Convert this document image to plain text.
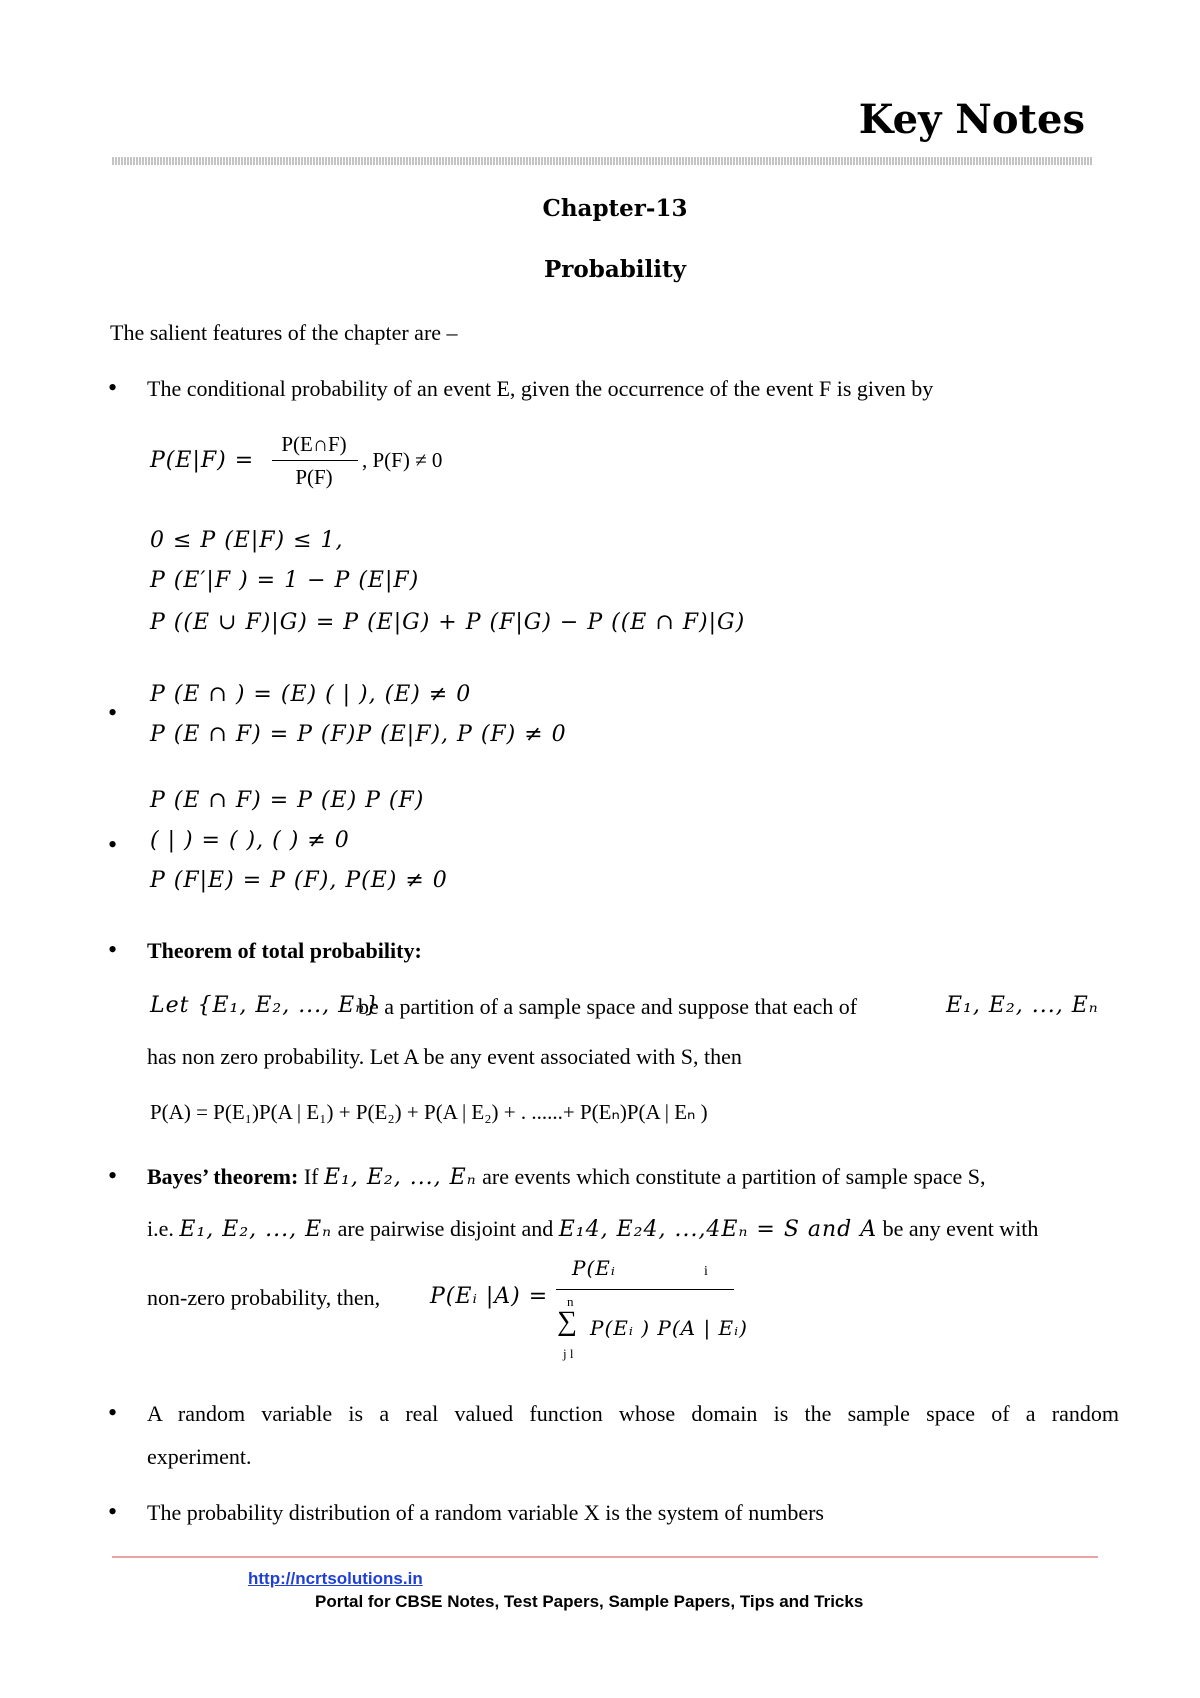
Key Notes
Chapter-13
Probability
The salient features of the chapter are –
• The conditional probability of an event E, given the occurrence of the event F is given by
P(E|F) =
P(E∩F)
P(F)
, P(F) ≠ 0
0 ≤ P (E|F) ≤ 1,
P (E′|F ) = 1 − P (E|F)
P ((E ∪ F)|G) = P (E|G) + P (F|G) − P ((E ∩ F)|G)
•
P (E ∩ ) = (E) ( | ), (E) ≠ 0
P (E ∩ F) = P (F)P (E|F), P (F) ≠ 0
P (E ∩ F) = P (E) P (F)
• ( | ) = ( ), ( ) ≠ 0
P (F|E) = P (F), P(E) ≠ 0
• Theorem of total probability:
Let {E₁, E₂, ..., Eₙ}
be a partition of a sample space and suppose that each of	E₁, E₂, ..., Eₙ
has non zero probability. Let A be any event associated with S, then
P(A) = P(E₁)P(A | E₁) + P(E₂) + P(A | E₂) + . ......+ P(Eₙ)P(A | Eₙ )
• Bayes’ theorem: If E₁, E₂, ..., Eₙ are events which constitute a partition of sample space S,
i.e. E₁, E₂, ..., Eₙ are pairwise disjoint and E₁4, E₂4, ...,4Eₙ = S and A be any event with
non-zero probability, then, P(Eᵢ |A) =
P(Eᵢ	i
n
∑
j l
P(Eᵢ ) P(A | Eᵢ)
• A random variable is a real valued function whose domain is the sample space of a random
experiment.
• The probability distribution of a random variable X is the system of numbers
http://ncrtsolutions.in
Portal for CBSE Notes, Test Papers, Sample Papers, Tips and Tricks
